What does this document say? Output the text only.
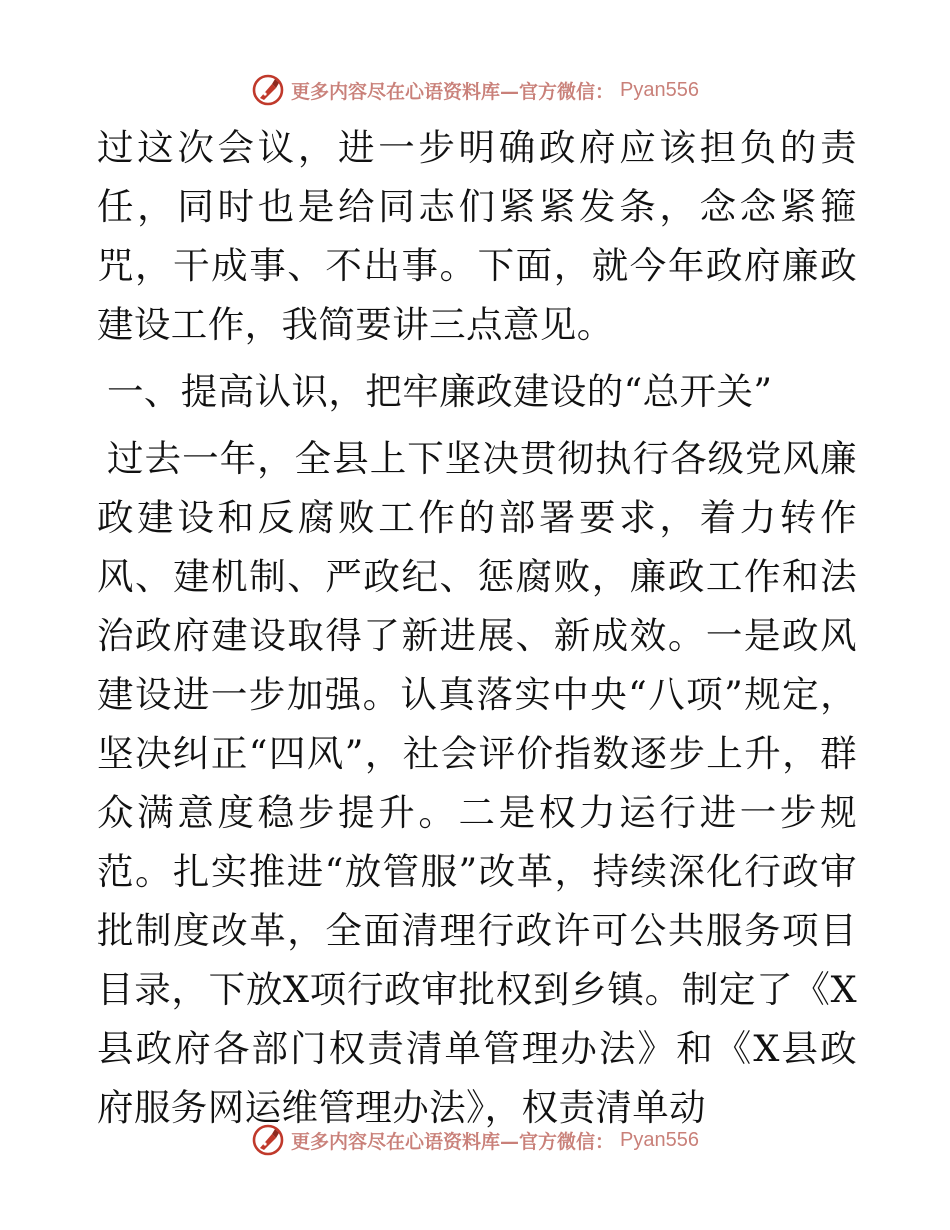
更多内容尽在心语资料库—官方微信： Pyan556

过这次会议，进一步明确政府应该担负的责任，同时也是给同志们紧紧发条，念念紧箍咒，干成事、不出事。下面，就今年政府廉政建设工作，我简要讲三点意见。

一、提高认识，把牢廉政建设的“总开关”

过去一年，全县上下坚决贯彻执行各级党风廉政建设和反腐败工作的部署要求，着力转作风、建机制、严政纪、惩腐败，廉政工作和法治政府建设取得了新进展、新成效。一是政风建设进一步加强。认真落实中央“八项”规定，坚决纠正“四风”，社会评价指数逐步上升，群众满意度稳步提升。二是权力运行进一步规范。扎实推进“放管服”改革，持续深化行政审批制度改革，全面清理行政许可公共服务项目目录，下放X项行政审批权到乡镇。制定了《X县政府各部门权责清单管理办法》和《X县政府服务网运维管理办法》，权责清单动

更多内容尽在心语资料库—官方微信： Pyan556
